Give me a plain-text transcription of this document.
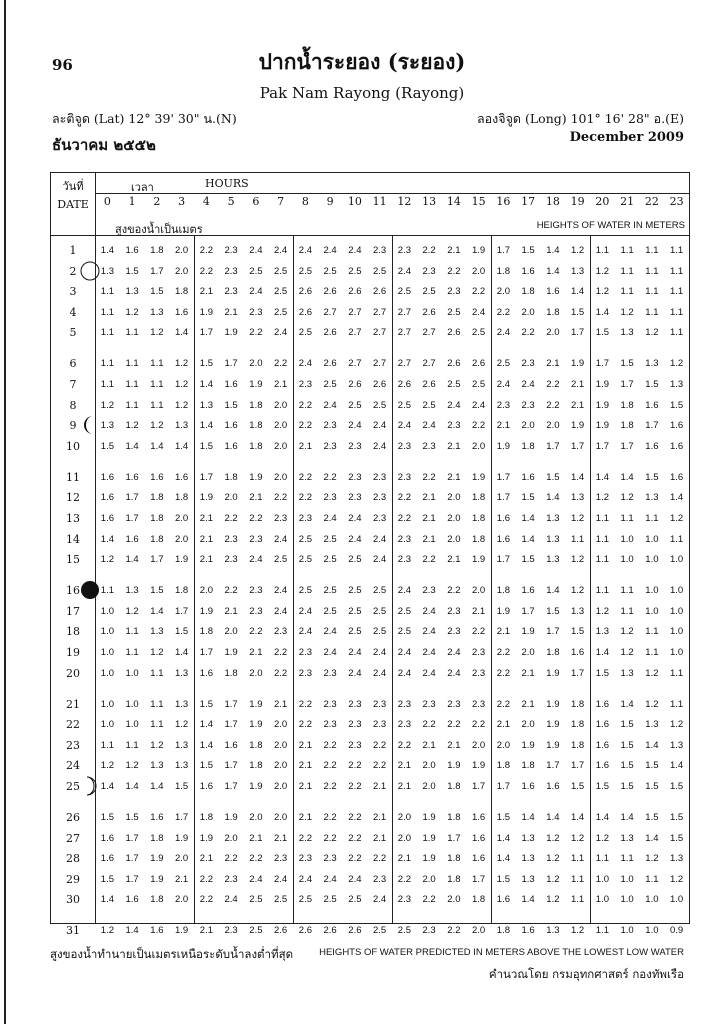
96	ปากน้ำระยอง (ระยอง)
Pak Nam Rayong (Rayong)
ละติจูด (Lat) 12° 39' 30" น.(N)	ลองจิจูด (Long) 101° 16' 28" อ.(E)
ธันวาคม ๒๕๕๒	December 2009
วันที่
DATE
เวลา	HOURS
สูงของน้ำเป็นเมตร	HEIGHTS OF WATER IN METERS
0	1	2	3	4	5	6	7	8	9	10 11 12 13 14 15 16 17 18 19 20 21 22 23
1	1.4	1.6	1.8	2.0	2.2	2.3	2.4	2.4	2.4	2.4	2.4	2.3	2.3	2.2	2.1	1.9	1.7	1.5	1.4	1.2	1.1	1.1	1.1	1.1
2	1.3	1.5	1.7	2.0	2.2	2.3	2.5	2.5	2.5	2.5	2.5	2.5	2.4	2.3	2.2	2.0	1.8	1.6	1.4	1.3	1.2	1.1	1.1	1.1
3	1.1	1.3	1.5	1.8	2.1	2.3	2.4	2.5	2.6	2.6	2.6	2.6	2.5	2.5	2.3	2.2	2.0	1.8	1.6	1.4	1.2	1.1	1.1	1.1
4	1.1	1.2	1.3	1.6	1.9	2.1	2.3	2.5	2.6	2.7	2.7	2.7	2.7	2.6	2.5	2.4	2.2	2.0	1.8	1.5	1.4	1.2	1.1	1.1
5	1.1	1.1	1.2	1.4	1.7	1.9	2.2	2.4	2.5	2.6	2.7	2.7	2.7	2.7	2.6	2.5	2.4	2.2	2.0	1.7	1.5	1.3	1.2	1.1
6	1.1	1.1	1.1	1.2	1.5	1.7	2.0	2.2	2.4	2.6	2.7	2.7	2.7	2.7	2.6	2.6	2.5	2.3	2.1	1.9	1.7	1.5	1.3	1.2
7	1.1	1.1	1.1	1.2	1.4	1.6	1.9	2.1	2.3	2.5	2.6	2.6	2.6	2.6	2.5	2.5	2.4	2.4	2.2	2.1	1.9	1.7	1.5	1.3
8	1.2	1.1	1.1	1.2	1.3	1.5	1.8	2.0	2.2	2.4	2.5	2.5	2.5	2.5	2.4	2.4	2.3	2.3	2.2	2.1	1.9	1.8	1.6	1.5
9	1.3	1.2	1.2	1.3	1.4	1.6	1.8	2.0	2.2	2.3	2.4	2.4	2.4	2.4	2.3	2.2	2.1	2.0	2.0	1.9	1.9	1.8	1.7	1.6
10	1.5	1.4	1.4	1.4	1.5	1.6	1.8	2.0	2.1	2.3	2.3	2.4	2.3	2.3	2.1	2.0	1.9	1.8	1.7	1.7	1.7	1.7	1.6	1.6
11	1.6	1.6	1.6	1.6	1.7	1.8	1.9	2.0	2.2	2.2	2.3	2.3	2.3	2.2	2.1	1.9	1.7	1.6	1.5	1.4	1.4	1.4	1.5	1.6
12	1.6	1.7	1.8	1.8	1.9	2.0	2.1	2.2	2.2	2.3	2.3	2.3	2.2	2.1	2.0	1.8	1.7	1.5	1.4	1.3	1.2	1.2	1.3	1.4
13	1.6	1.7	1.8	2.0	2.1	2.2	2.2	2.3	2.3	2.4	2.4	2.3	2.2	2.1	2.0	1.8	1.6	1.4	1.3	1.2	1.1	1.1	1.1	1.2
14	1.4	1.6	1.8	2.0	2.1	2.3	2.3	2.4	2.5	2.5	2.4	2.4	2.3	2.1	2.0	1.8	1.6	1.4	1.3	1.1	1.1	1.0	1.0	1.1
15	1.2	1.4	1.7	1.9	2.1	2.3	2.4	2.5	2.5	2.5	2.5	2.4	2.3	2.2	2.1	1.9	1.7	1.5	1.3	1.2	1.1	1.0	1.0	1.0
16	1.1	1.3	1.5	1.8	2.0	2.2	2.3	2.4	2.5	2.5	2.5	2.5	2.4	2.3	2.2	2.0	1.8	1.6	1.4	1.2	1.1	1.1	1.0	1.0
17	1.0	1.2	1.4	1.7	1.9	2.1	2.3	2.4	2.4	2.5	2.5	2.5	2.5	2.4	2.3	2.1	1.9	1.7	1.5	1.3	1.2	1.1	1.0	1.0
18	1.0	1.1	1.3	1.5	1.8	2.0	2.2	2.3	2.4	2.4	2.5	2.5	2.5	2.4	2.3	2.2	2.1	1.9	1.7	1.5	1.3	1.2	1.1	1.0
19	1.0	1.1	1.2	1.4	1.7	1.9	2.1	2.2	2.3	2.4	2.4	2.4	2.4	2.4	2.4	2.3	2.2	2.0	1.8	1.6	1.4	1.2	1.1	1.0
20	1.0	1.0	1.1	1.3	1.6	1.8	2.0	2.2	2.3	2.3	2.4	2.4	2.4	2.4	2.4	2.3	2.2	2.1	1.9	1.7	1.5	1.3	1.2	1.1
21	1.0	1.0	1.1	1.3	1.5	1.7	1.9	2.1	2.2	2.3	2.3	2.3	2.3	2.3	2.3	2.3	2.2	2.1	1.9	1.8	1.6	1.4	1.2	1.1
22	1.0	1.0	1.1	1.2	1.4	1.7	1.9	2.0	2.2	2.3	2.3	2.3	2.3	2.2	2.2	2.2	2.1	2.0	1.9	1.8	1.6	1.5	1.3	1.2
23	1.1	1.1	1.2	1.3	1.4	1.6	1.8	2.0	2.1	2.2	2.3	2.2	2.2	2.1	2.1	2.0	2.0	1.9	1.9	1.8	1.6	1.5	1.4	1.3
24	1.2	1.2	1.3	1.3	1.5	1.7	1.8	2.0	2.1	2.2	2.2	2.2	2.1	2.0	1.9	1.9	1.8	1.8	1.7	1.7	1.6	1.5	1.5	1.4
25	1.4	1.4	1.4	1.5	1.6	1.7	1.9	2.0	2.1	2.2	2.2	2.1	2.1	2.0	1.8	1.7	1.7	1.6	1.6	1.5	1.5	1.5	1.5	1.5
26	1.5	1.5	1.6	1.7	1.8	1.9	2.0	2.0	2.1	2.2	2.2	2.1	2.0	1.9	1.8	1.6	1.5	1.4	1.4	1.4	1.4	1.4	1.5	1.5
27	1.6	1.7	1.8	1.9	1.9	2.0	2.1	2.1	2.2	2.2	2.2	2.1	2.0	1.9	1.7	1.6	1.4	1.3	1.2	1.2	1.2	1.3	1.4	1.5
28	1.6	1.7	1.9	2.0	2.1	2.2	2.2	2.3	2.3	2.3	2.2	2.2	2.1	1.9	1.8	1.6	1.4	1.3	1.2	1.1	1.1	1.1	1.2	1.3
29	1.5	1.7	1.9	2.1	2.2	2.3	2.4	2.4	2.4	2.4	2.4	2.3	2.2	2.0	1.8	1.7	1.5	1.3	1.2	1.1	1.0	1.0	1.1	1.2
30	1.4	1.6	1.8	2.0	2.2	2.4	2.5	2.5	2.5	2.5	2.5	2.4	2.3	2.2	2.0	1.8	1.6	1.4	1.2	1.1	1.0	1.0	1.0	1.0
31	1.2	1.4	1.6	1.9	2.1	2.3	2.5	2.6	2.6	2.6	2.6	2.5	2.5	2.3	2.2	2.0	1.8	1.6	1.3	1.2	1.1	1.0	1.0	0.9
สูงของน้ำทำนายเป็นเมตรเหนือระดับน้ำลงต่ำที่สุด	HEIGHTS OF WATER PREDICTED IN METERS ABOVE THE LOWEST LOW WATER
คำนวณโดย กรมอุทกศาสตร์ กองทัพเรือ
